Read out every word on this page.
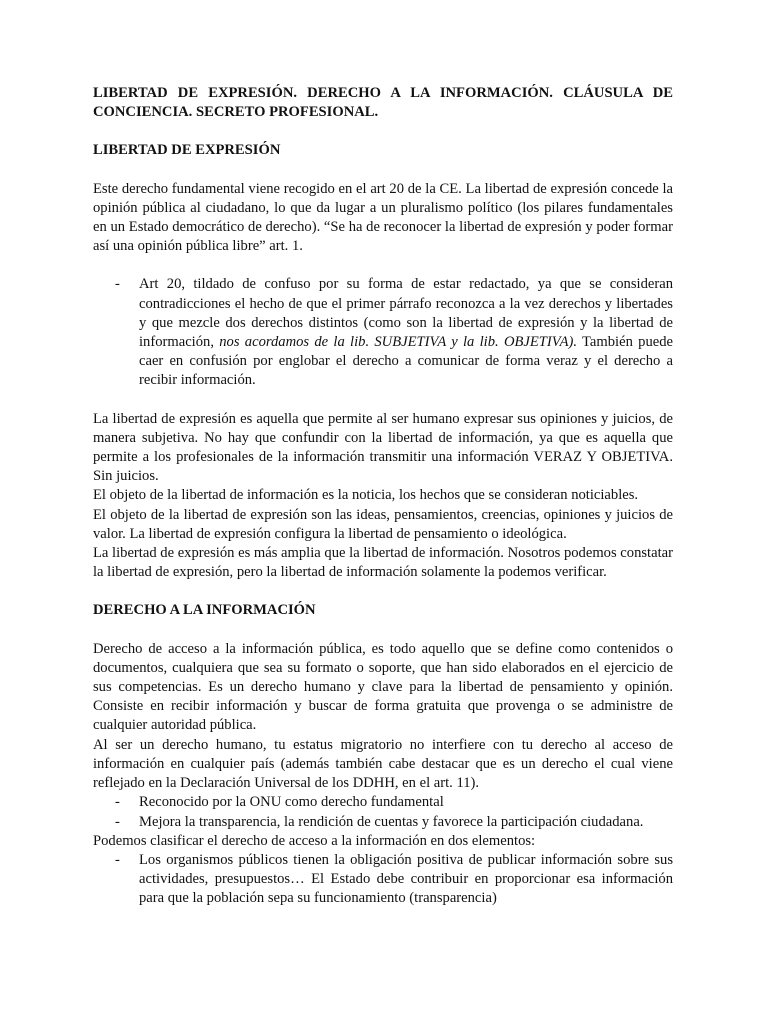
LIBERTAD DE EXPRESIÓN. DERECHO A LA INFORMACIÓN. CLÁUSULA DE CONCIENCIA. SECRETO PROFESIONAL.

LIBERTAD DE EXPRESIÓN

Este derecho fundamental viene recogido en el art 20 de la CE. La libertad de expresión concede la opinión pública al ciudadano, lo que da lugar a un pluralismo político (los pilares fundamentales en un Estado democrático de derecho). “Se ha de reconocer la libertad de expresión y poder formar así una opinión pública libre” art. 1.

- Art 20, tildado de confuso por su forma de estar redactado, ya que se consideran contradicciones el hecho de que el primer párrafo reconozca a la vez derechos y libertades y que mezcle dos derechos distintos (como son la libertad de expresión y la libertad de información, nos acordamos de la lib. SUBJETIVA y la lib. OBJETIVA). También puede caer en confusión por englobar el derecho a comunicar de forma veraz y el derecho a recibir información.

La libertad de expresión es aquella que permite al ser humano expresar sus opiniones y juicios, de manera subjetiva. No hay que confundir con la libertad de información, ya que es aquella que permite a los profesionales de la información transmitir una información VERAZ Y OBJETIVA. Sin juicios.

El objeto de la libertad de información es la noticia, los hechos que se consideran noticiables.

El objeto de la libertad de expresión son las ideas, pensamientos, creencias, opiniones y juicios de valor. La libertad de expresión configura la libertad de pensamiento o ideológica.

La libertad de expresión es más amplia que la libertad de información. Nosotros podemos constatar la libertad de expresión, pero la libertad de información solamente la podemos verificar.

DERECHO A LA INFORMACIÓN

Derecho de acceso a la información pública, es todo aquello que se define como contenidos o documentos, cualquiera que sea su formato o soporte, que han sido elaborados en el ejercicio de sus competencias. Es un derecho humano y clave para la libertad de pensamiento y opinión. Consiste en recibir información y buscar de forma gratuita que provenga o se administre de cualquier autoridad pública.

Al ser un derecho humano, tu estatus migratorio no interfiere con tu derecho al acceso de información en cualquier país (además también cabe destacar que es un derecho el cual viene reflejado en la Declaración Universal de los DDHH, en el art. 11).

- Reconocido por la ONU como derecho fundamental
- Mejora la transparencia, la rendición de cuentas y favorece la participación ciudadana.

Podemos clasificar el derecho de acceso a la información en dos elementos:

- Los organismos públicos tienen la obligación positiva de publicar información sobre sus actividades, presupuestos… El Estado debe contribuir en proporcionar esa información para que la población sepa su funcionamiento (transparencia)
